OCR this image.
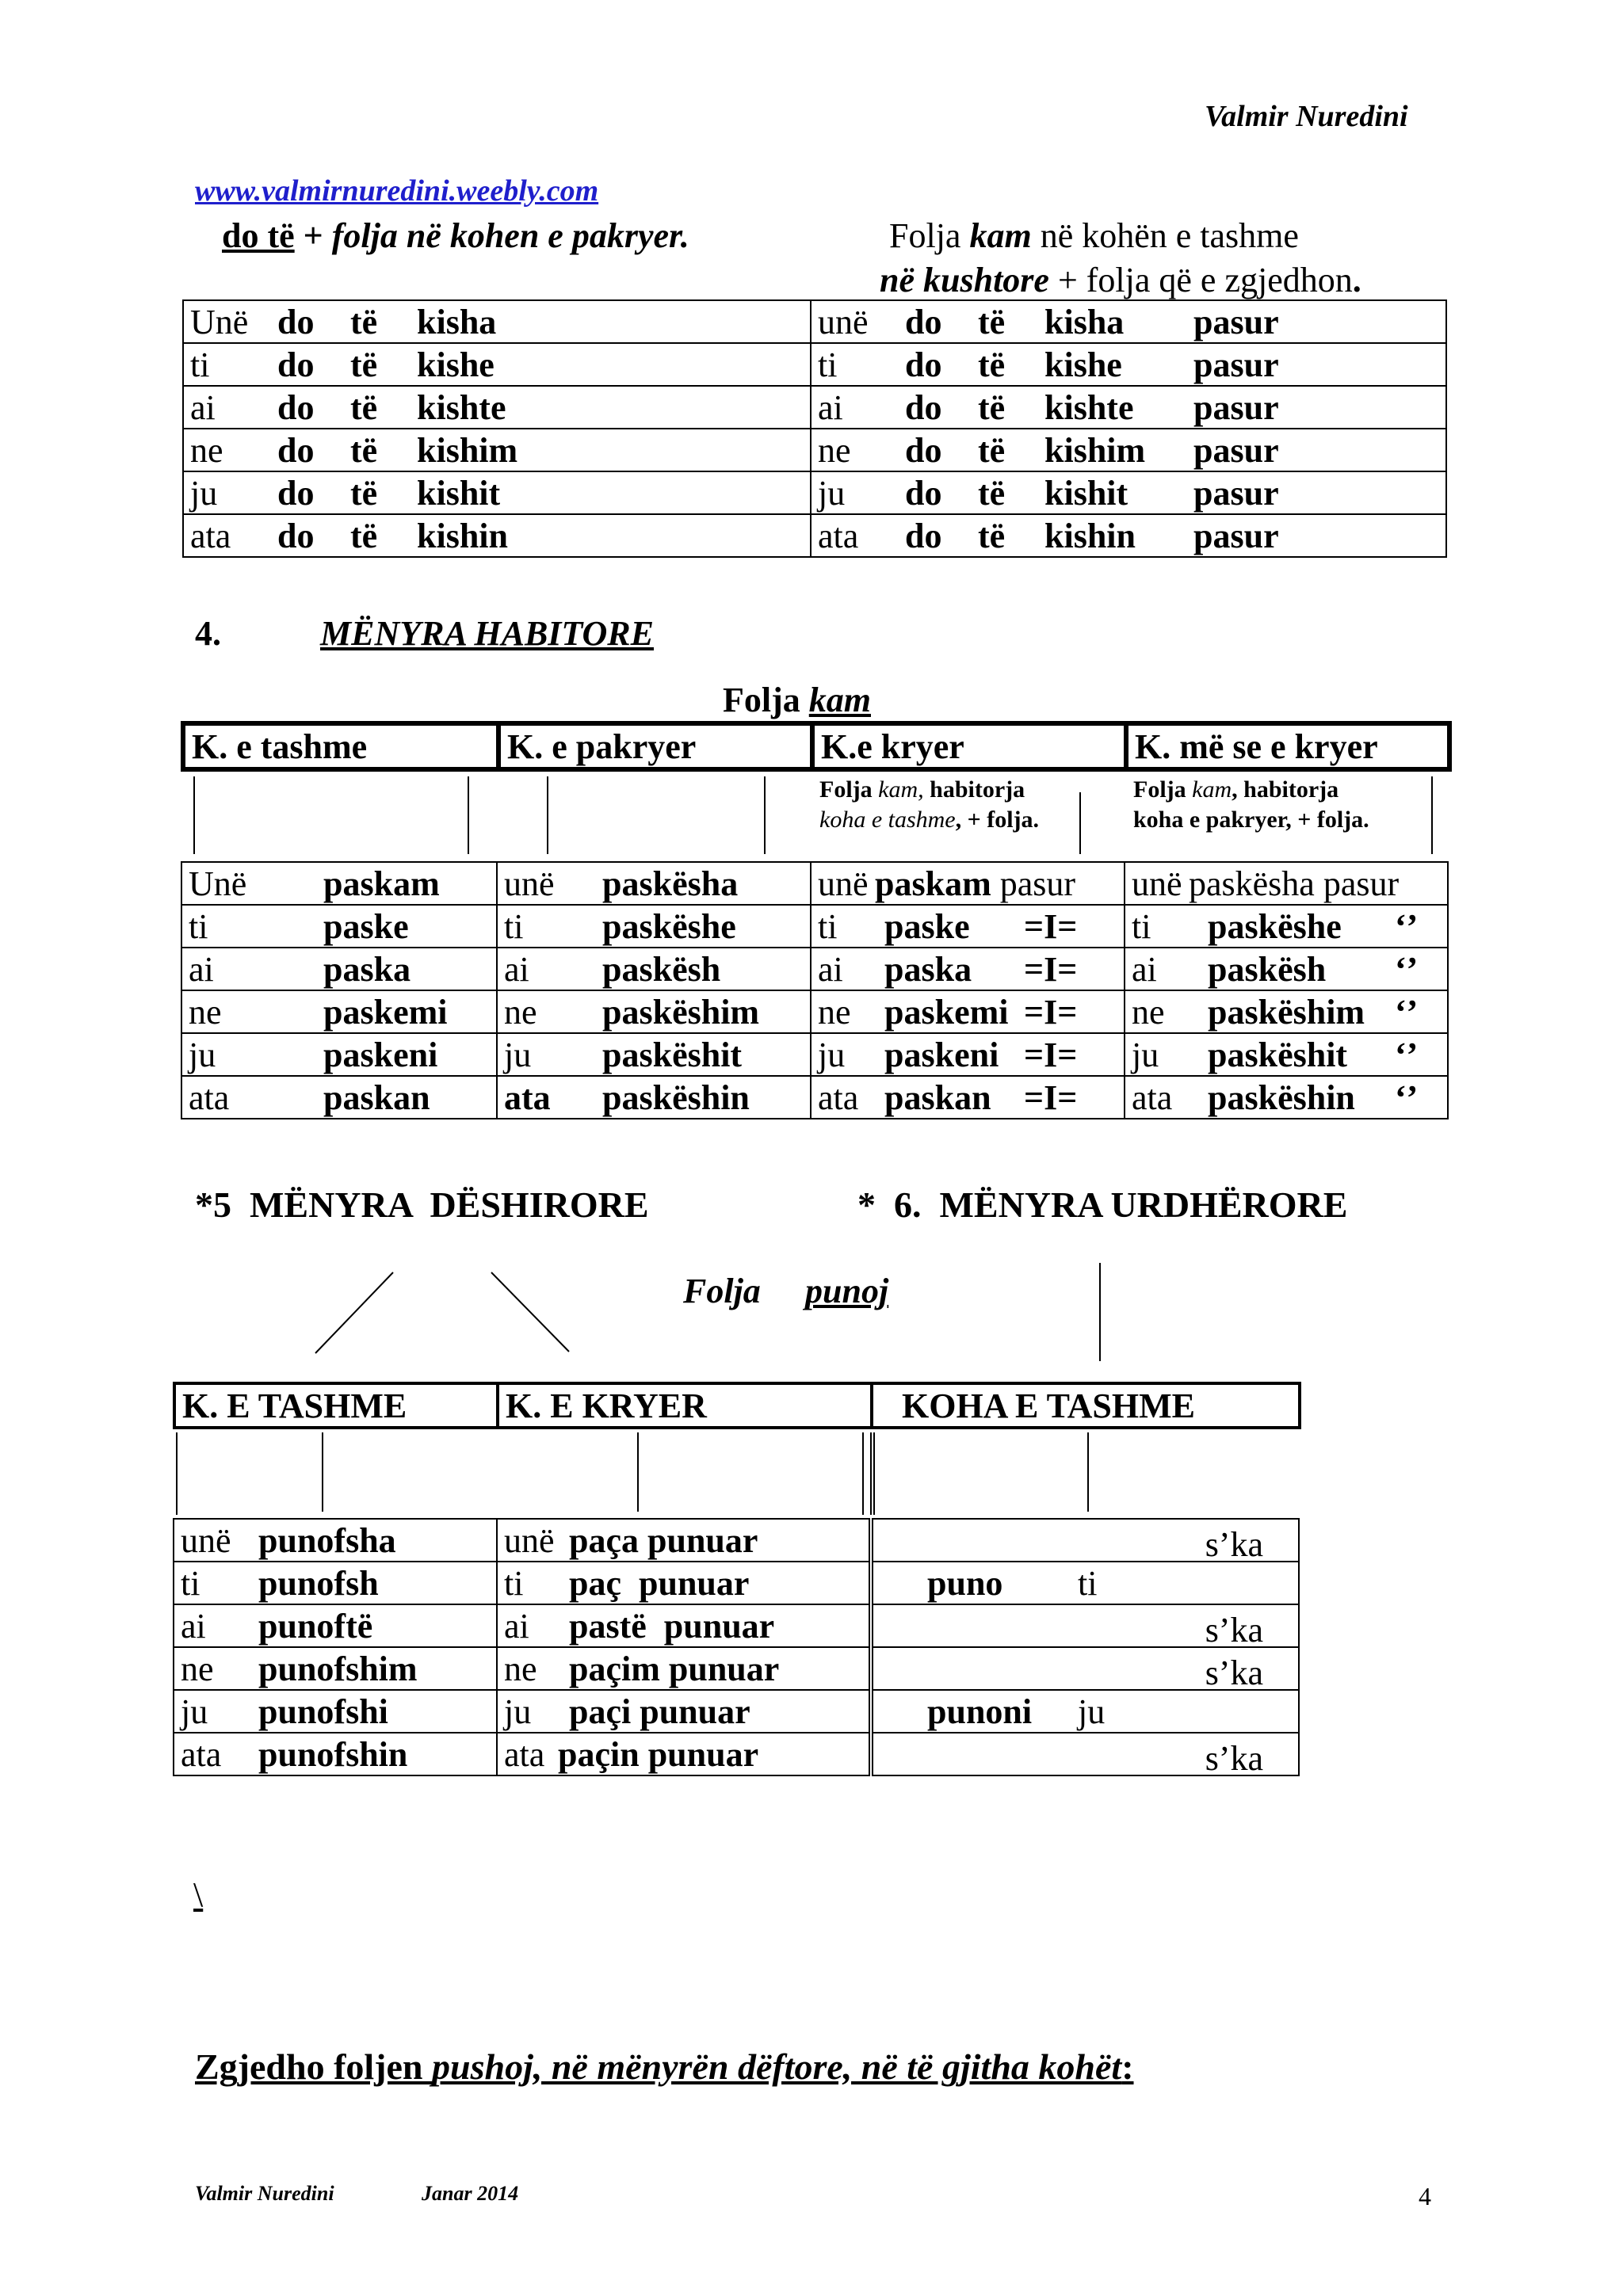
Valmir Nuredini
www.valmirnuredini.weebly.com
do të + folja në kohen e pakryer.	Folja kam në kohën e tashme
në kushtore + folja që e zgjedhon.
Unë do të kisha	unë do të kisha pasur
ti do të kishe	ti do të kishe pasur
ai do të kishte	ai do të kishte pasur
ne do të kishim	ne do të kishim pasur
ju do të kishit	ju do të kishit pasur
ata do të kishin	ata do të kishin pasur
4.	MËNYRA HABITORE
Folja kam
K. e tashme	K. e pakryer	K.e kryer	K. më se e kryer
Folja kam, habitorja
koha e tashme, + folja.
Folja kam, habitorja
koha e pakryer, + folja.
Unë paskam	unë paskësha	unë paskam pasur	unë paskësha pasur
ti paske	ti paskëshe	ti paske =I=	ti paskëshe ‘’
ai paska	ai paskësh	ai paska =I=	ai paskësh ‘’
ne paskemi	ne paskëshim	ne paskemi =I=	ne paskëshim ‘’
ju paskeni	ju paskëshit	ju paskeni =I=	ju paskëshit ‘’
ata paskan	ata paskëshin	ata paskan =I=	ata paskëshin ‘’
*5  MËNYRA  DËSHIRORE	*  6.  MËNYRA URDHËRORE
Folja punoj
K. E TASHME	K. E KRYER	KOHA E TASHME
unë punofsha	unë paça punuar	s’ka

ti punofsh	ti paç  punuar	puno ti

ai punoftë	ai pastë  punuar	s’ka

ne punofshim	ne paçim punuar	s’ka

ju punofshi	ju paçi punuar	punoni ju

ata punofshin	ata paçin punuar	s’ka
\
Zgjedho foljen pushoj, në mënyrën dëftore, në të gjitha kohët:
Valmir Nuredini	Janar 2014	4
